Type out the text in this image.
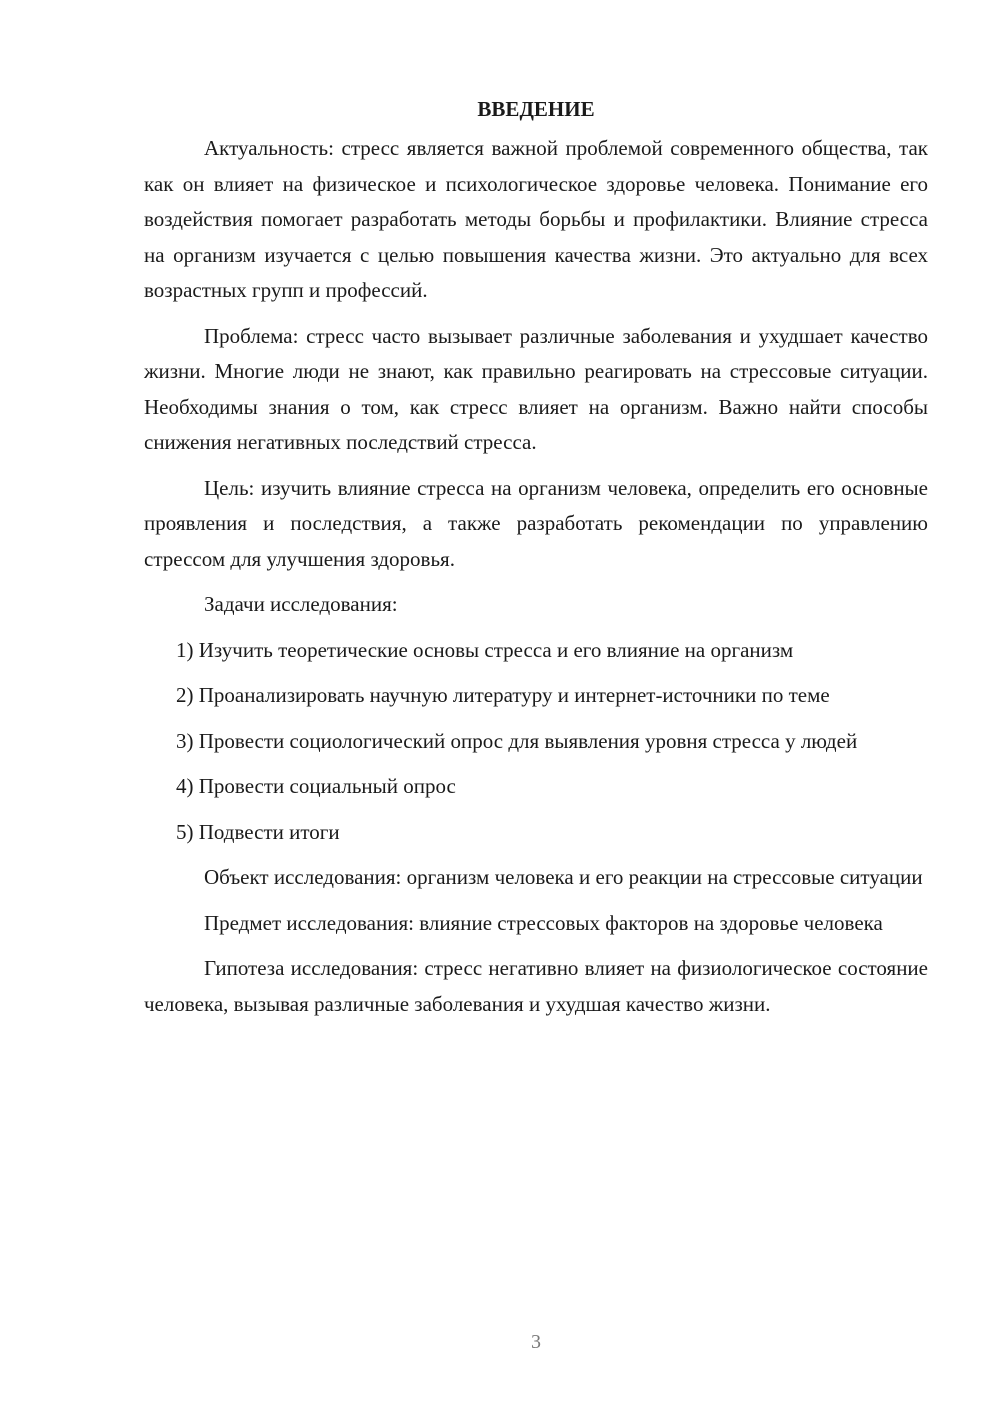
ВВЕДЕНИЕ

Актуальность: стресс является важной проблемой современного общества, так как он влияет на физическое и психологическое здоровье человека. Понимание его воздействия помогает разработать методы борьбы и профилактики. Влияние стресса на организм изучается с целью повышения качества жизни. Это актуально для всех возрастных групп и профессий.

Проблема: стресс часто вызывает различные заболевания и ухудшает качество жизни. Многие люди не знают, как правильно реагировать на стрессовые ситуации. Необходимы знания о том, как стресс влияет на организм. Важно найти способы снижения негативных последствий стресса.

Цель: изучить влияние стресса на организм человека, определить его основные проявления и последствия, а также разработать рекомендации по управлению стрессом для улучшения здоровья.

Задачи исследования:

1) Изучить теоретические основы стресса и его влияние на организм

2) Проанализировать научную литературу и интернет-источники по теме

3) Провести социологический опрос для выявления уровня стресса у людей

4) Провести социальный опрос

5) Подвести итоги

Объект исследования: организм человека и его реакции на стрессовые ситуации

Предмет исследования: влияние стрессовых факторов на здоровье человека

Гипотеза исследования: стресс негативно влияет на физиологическое состояние человека, вызывая различные заболевания и ухудшая качество жизни.

3
